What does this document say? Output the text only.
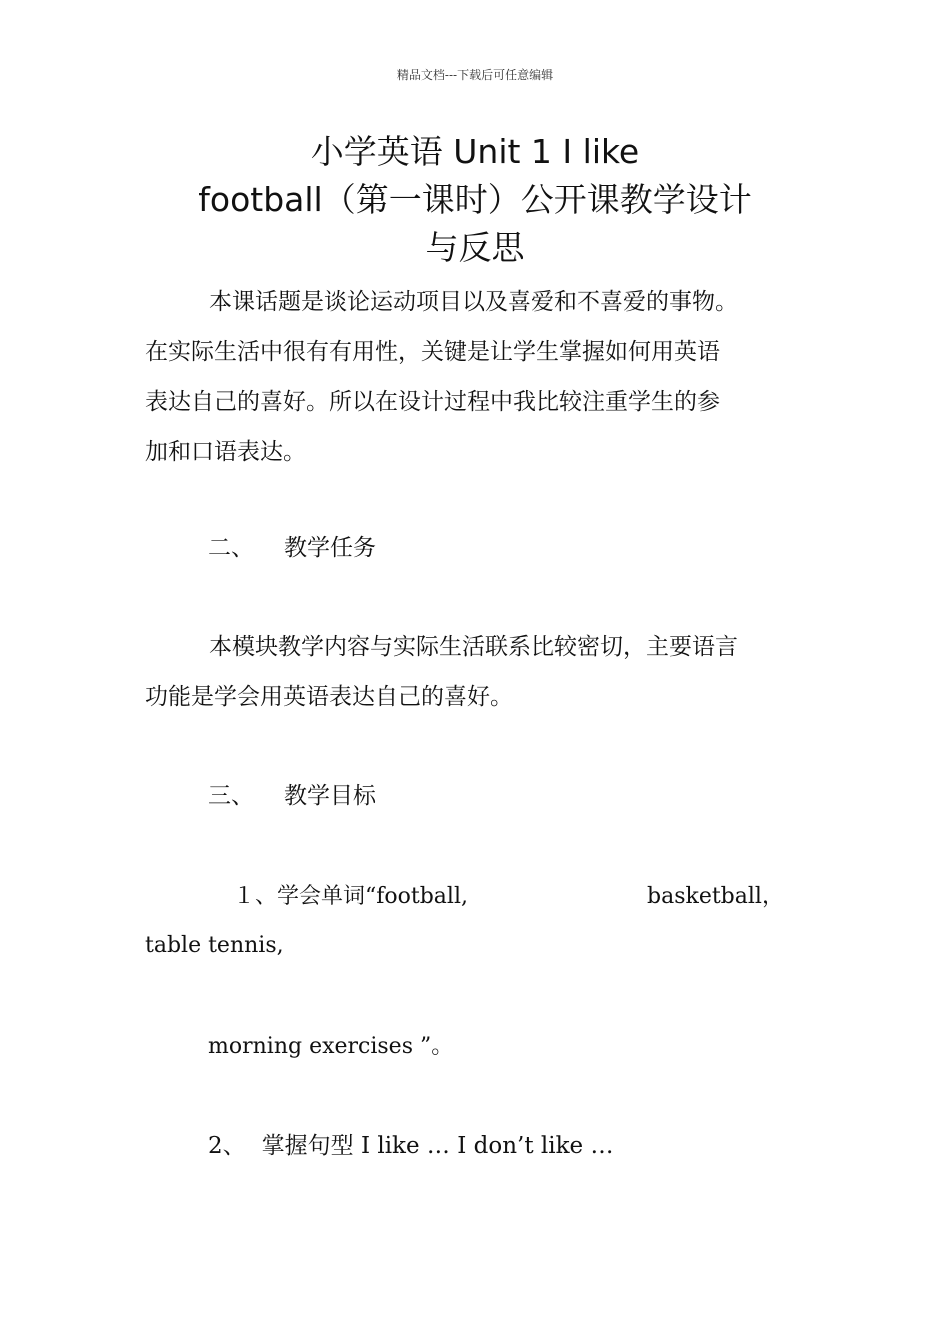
精品文档---下载后可任意编辑
小学英语 Unit 1 I like
football（第一课时）公开课教学设计
与反思
本课话题是谈论运动项目以及喜爱和不喜爱的事物。
在实际生活中很有有用性，关键是让学生掌握如何用英语
表达自己的喜好。所以在设计过程中我比较注重学生的参
加和口语表达。
二、 教学任务
本模块教学内容与实际生活联系比较密切，主要语言
功能是学会用英语表达自己的喜好。
三、 教学目标
１、学会单词“football,	basketball，
table tennis,
morning exercises ”。
2、 掌握句型 I like … I don’t like …
